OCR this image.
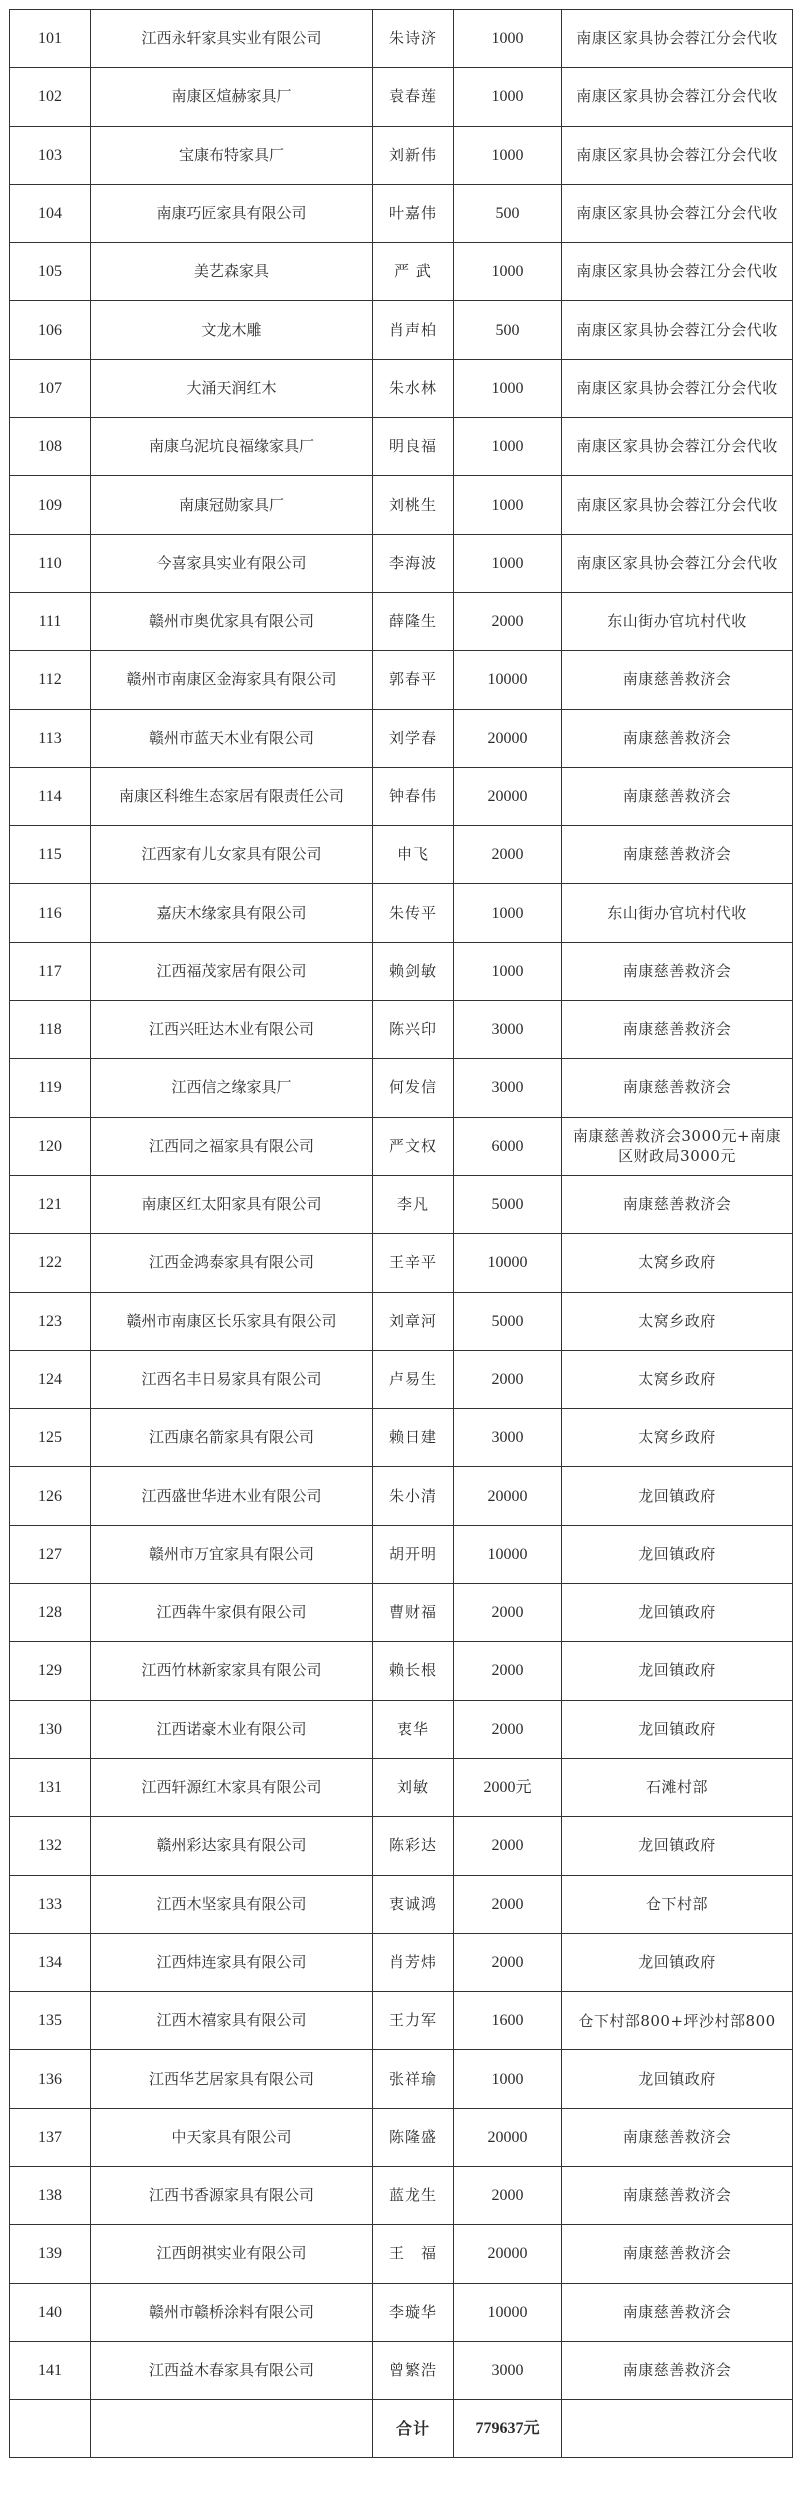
101	江西永轩家具实业有限公司	朱诗济	1000	南康区家具协会蓉江分会代收
102	南康区煊赫家具厂	袁春莲	1000	南康区家具协会蓉江分会代收
103	宝康布特家具厂	刘新伟	1000	南康区家具协会蓉江分会代收
104	南康巧匠家具有限公司	叶嘉伟	500	南康区家具协会蓉江分会代收
105	美艺森家具	严 武	1000	南康区家具协会蓉江分会代收
106	文龙木雕	肖声柏	500	南康区家具协会蓉江分会代收
107	大涌天润红木	朱水林	1000	南康区家具协会蓉江分会代收
108	南康乌泥坑良福缘家具厂	明良福	1000	南康区家具协会蓉江分会代收
109	南康冠勋家具厂	刘桃生	1000	南康区家具协会蓉江分会代收
110	今喜家具实业有限公司	李海波	1000	南康区家具协会蓉江分会代收
111	赣州市奥优家具有限公司	薛隆生	2000	东山街办官坑村代收
112	赣州市南康区金海家具有限公司	郭春平	10000	南康慈善救济会
113	赣州市蓝天木业有限公司	刘学春	20000	南康慈善救济会
114	南康区科维生态家居有限责任公司	钟春伟	20000	南康慈善救济会
115	江西家有儿女家具有限公司	申飞	2000	南康慈善救济会
116	嘉庆木缘家具有限公司	朱传平	1000	东山街办官坑村代收
117	江西福茂家居有限公司	赖剑敏	1000	南康慈善救济会
118	江西兴旺达木业有限公司	陈兴印	3000	南康慈善救济会
119	江西信之缘家具厂	何发信	3000	南康慈善救济会
120	江西同之福家具有限公司	严文权	6000	南康慈善救济会3000元+南康区财政局3000元
121	南康区红太阳家具有限公司	李凡	5000	南康慈善救济会
122	江西金鸿泰家具有限公司	王辛平	10000	太窝乡政府
123	赣州市南康区长乐家具有限公司	刘章河	5000	太窝乡政府
124	江西名丰日易家具有限公司	卢易生	2000	太窝乡政府
125	江西康名箭家具有限公司	赖日建	3000	太窝乡政府
126	江西盛世华进木业有限公司	朱小清	20000	龙回镇政府
127	赣州市万宜家具有限公司	胡开明	10000	龙回镇政府
128	江西犇牛家俱有限公司	曹财福	2000	龙回镇政府
129	江西竹林新家家具有限公司	赖长根	2000	龙回镇政府
130	江西诺豪木业有限公司	衷华	2000	龙回镇政府
131	江西轩源红木家具有限公司	刘敏	2000元	石滩村部
132	赣州彩达家具有限公司	陈彩达	2000	龙回镇政府
133	江西木坚家具有限公司	衷诚鸿	2000	仓下村部
134	江西炜连家具有限公司	肖芳炜	2000	龙回镇政府
135	江西木禧家具有限公司	王力军	1600	仓下村部800+坪沙村部800
136	江西华艺居家具有限公司	张祥瑜	1000	龙回镇政府
137	中天家具有限公司	陈隆盛	20000	南康慈善救济会
138	江西书香源家具有限公司	蓝龙生	2000	南康慈善救济会
139	江西朗祺实业有限公司	王　福	20000	南康慈善救济会
140	赣州市赣桥涂料有限公司	李璇华	10000	南康慈善救济会
141	江西益木春家具有限公司	曾繁浩	3000	南康慈善救济会
		合计	779637元	
